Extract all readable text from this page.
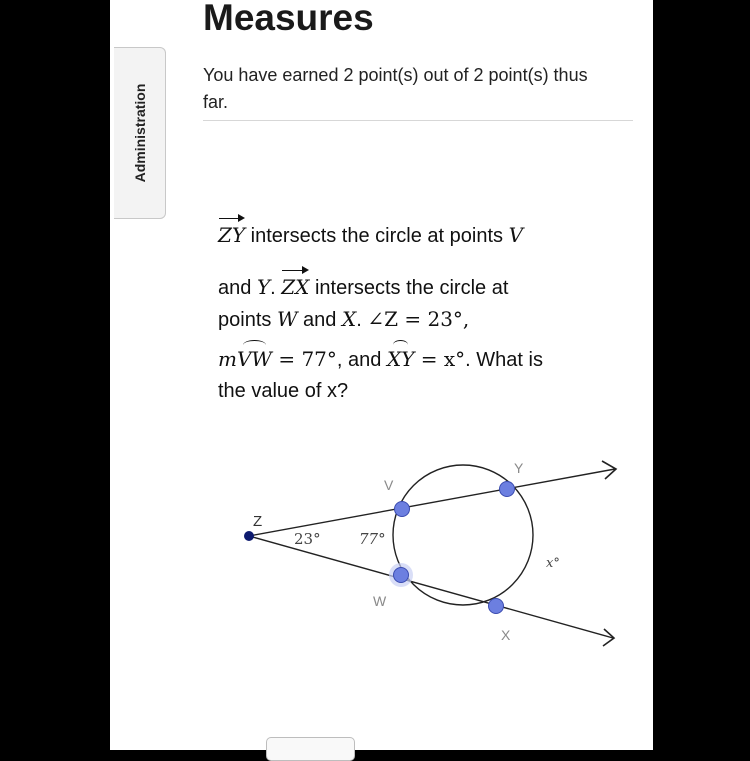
Administration
Measures
You have earned 2 point(s) out of 2 point(s) thus far.
ZY intersects the circle at points V
and Y. ZX intersects the circle at
points W and X. ∠Z = 23°,
mVW = 77°, and XY = x°. What is
the value of x?
Z
V
Y
W
X
23°	77°
x°
